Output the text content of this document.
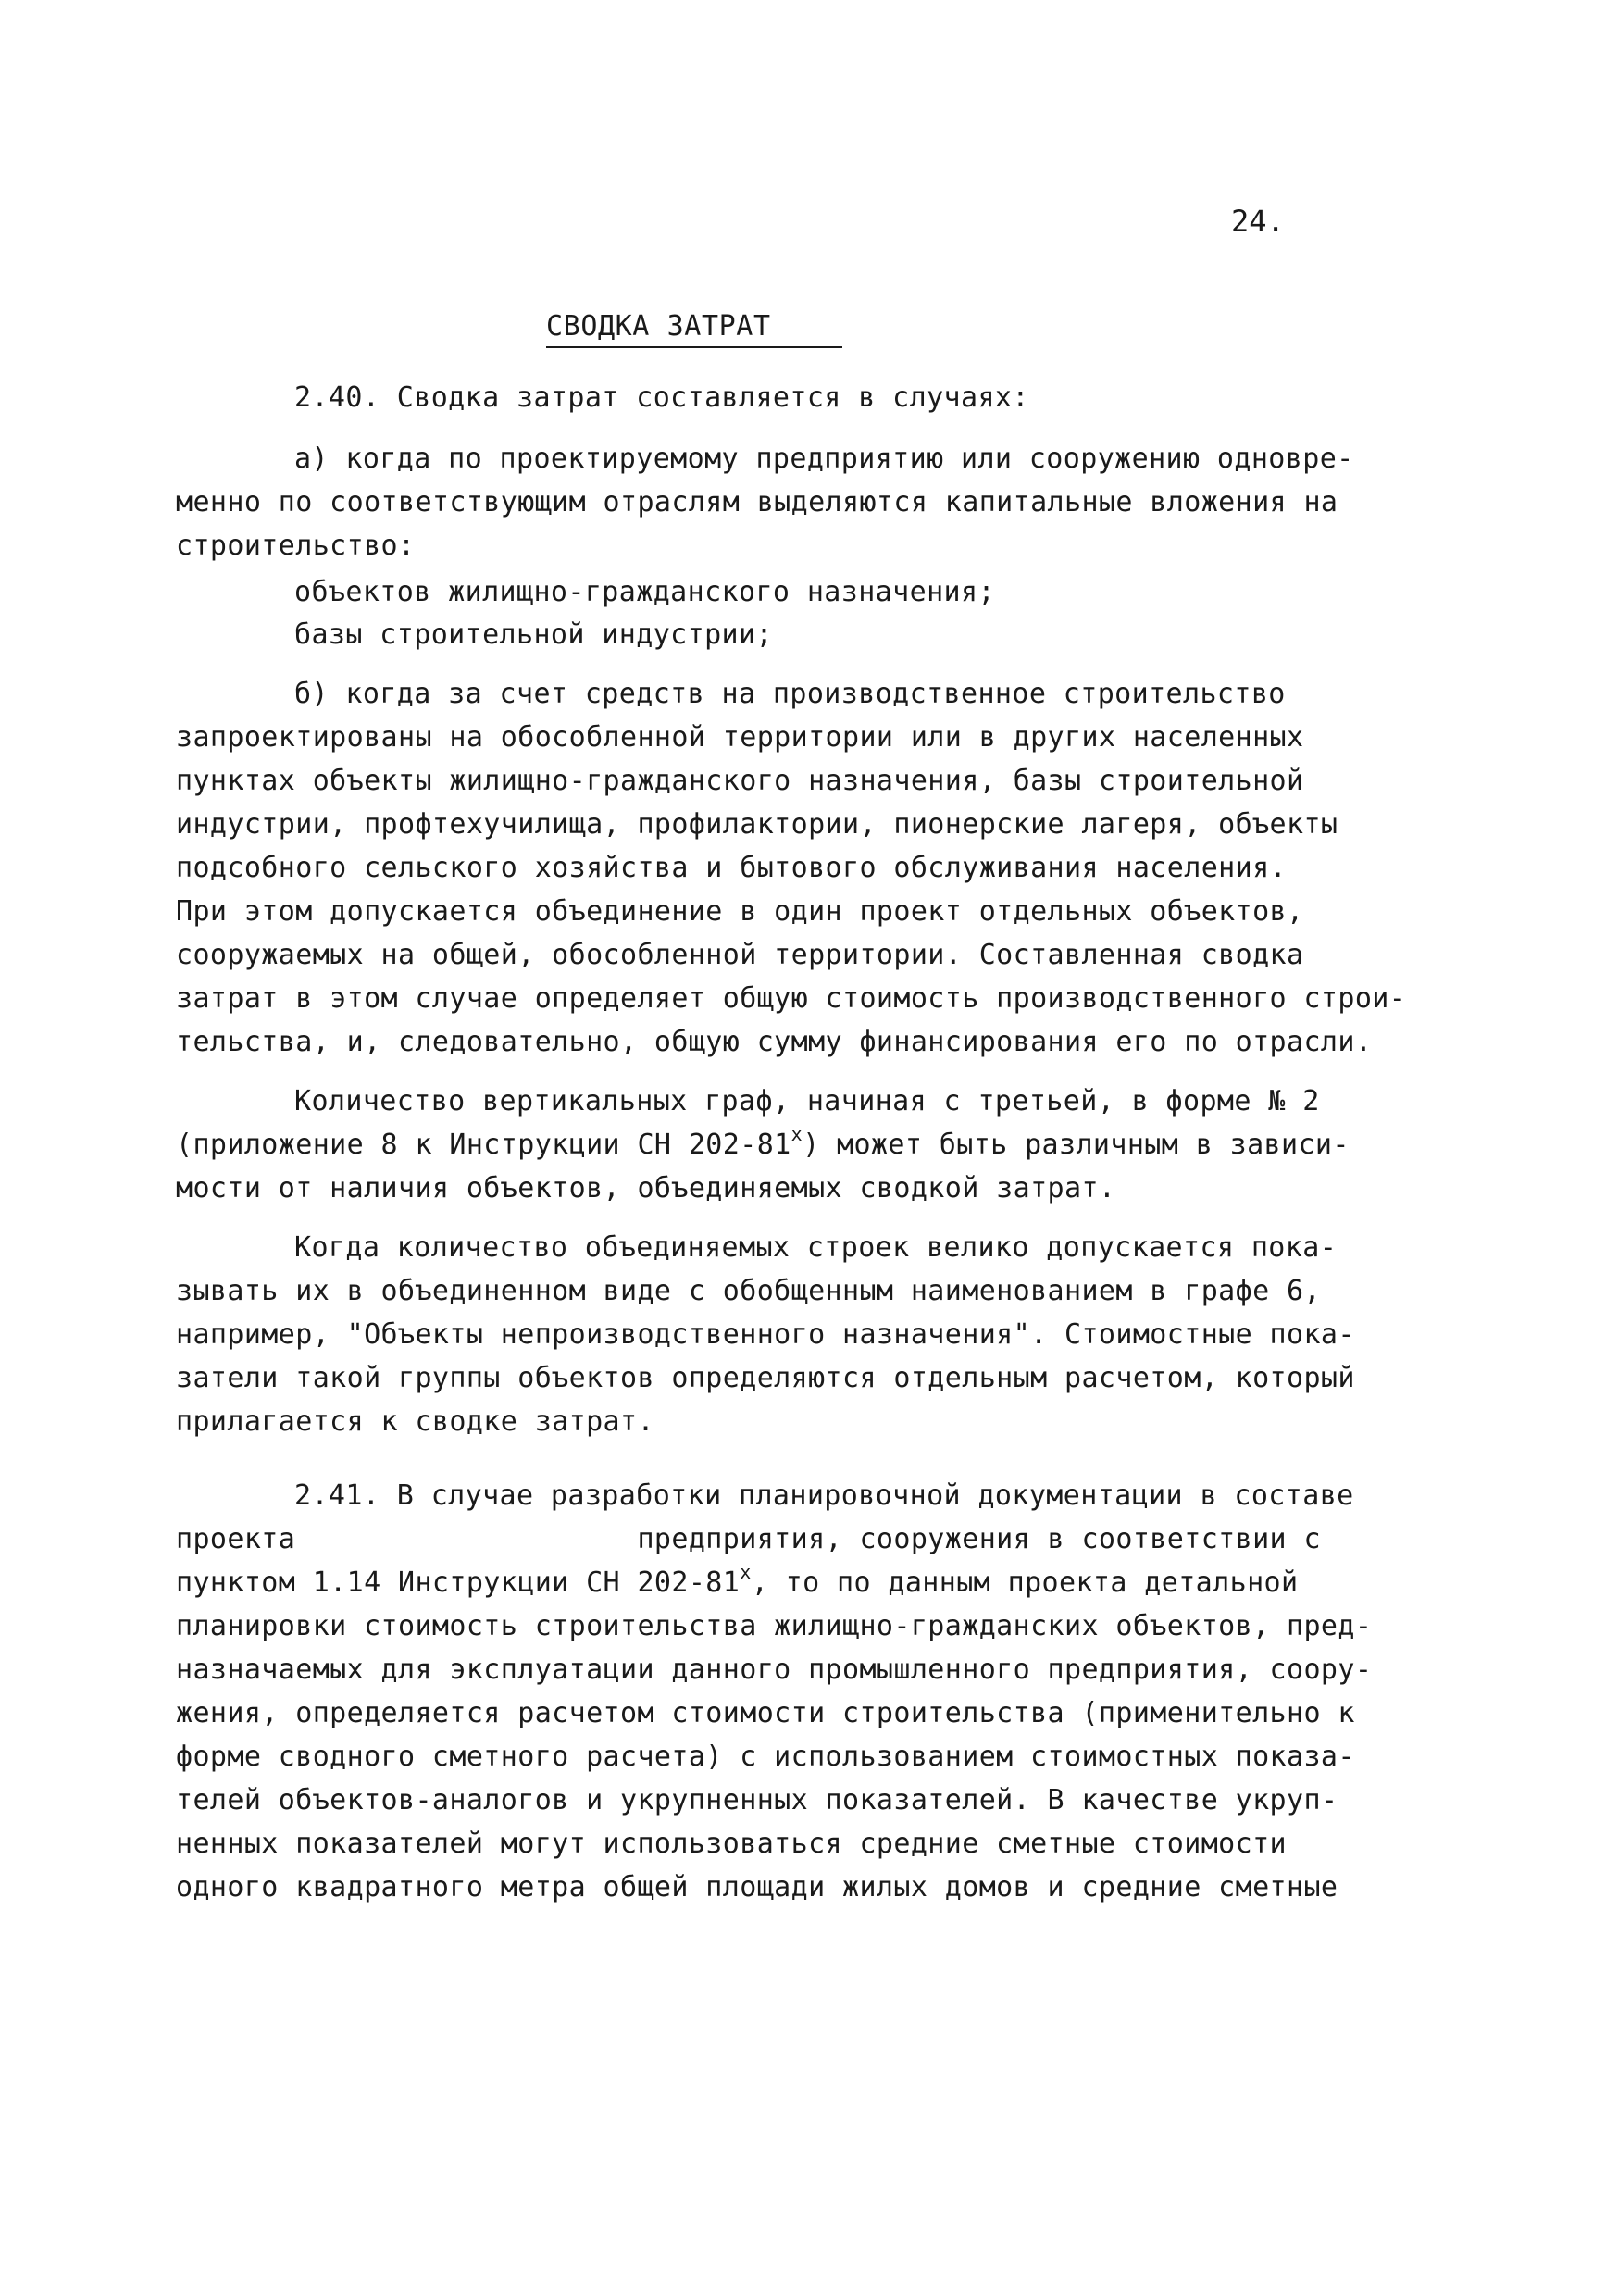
24.
СВОДКА ЗАТРАТ
2.40. Сводка затрат составляется в случаях:
а) когда по проектируемому предприятию или сооружению одновре-
менно по соответствующим отраслям выделяются капитальные вложения на
строительство:
объектов жилищно-гражданского назначения;
базы строительной индустрии;
б) когда за счет средств на производственное строительство
запроектированы на обособленной территории или в других населенных
пунктах объекты жилищно-гражданского назначения, базы строительной
индустрии, профтехучилища, профилактории, пионерские лагеря, объекты
подсобного сельского хозяйства и бытового обслуживания населения.
При этом допускается объединение в один проект отдельных объектов,
сооружаемых на общей, обособленной территории. Составленная сводка
затрат в этом случае определяет общую стоимость производственного строи-
тельства, и, следовательно, общую сумму финансирования его по отрасли.
Количество вертикальных граф, начиная с третьей, в форме № 2
(приложение 8 к Инструкции СН $202-81^х$) может быть различным в зависи-
мости от наличия объектов, объединяемых сводкой затрат.
Когда количество объединяемых строек велико допускается пока-
зывать их в объединенном виде с обобщенным наименованием в графе 6,
например, "Объекты непроизводственного назначения". Стоимостные пока-
затели такой группы объектов определяются отдельным расчетом, который
прилагается к сводке затрат.
2.41. В случае разработки планировочной документации в составе
проекта                    предприятия, сооружения в соответствии с
пунктом 1.14 Инструкции СН $202-81^х$, то по данным проекта детальной
планировки стоимость строительства жилищно-гражданских объектов, пред-
назначаемых для эксплуатации данного промышленного предприятия, соору-
жения, определяется расчетом стоимости строительства (применительно к
форме сводного сметного расчета) с использованием стоимостных показа-
телей объектов-аналогов и укрупненных показателей. В качестве укруп-
ненных показателей могут использоваться средние сметные стоимости
одного квадратного метра общей площади жилых домов и средние сметные
